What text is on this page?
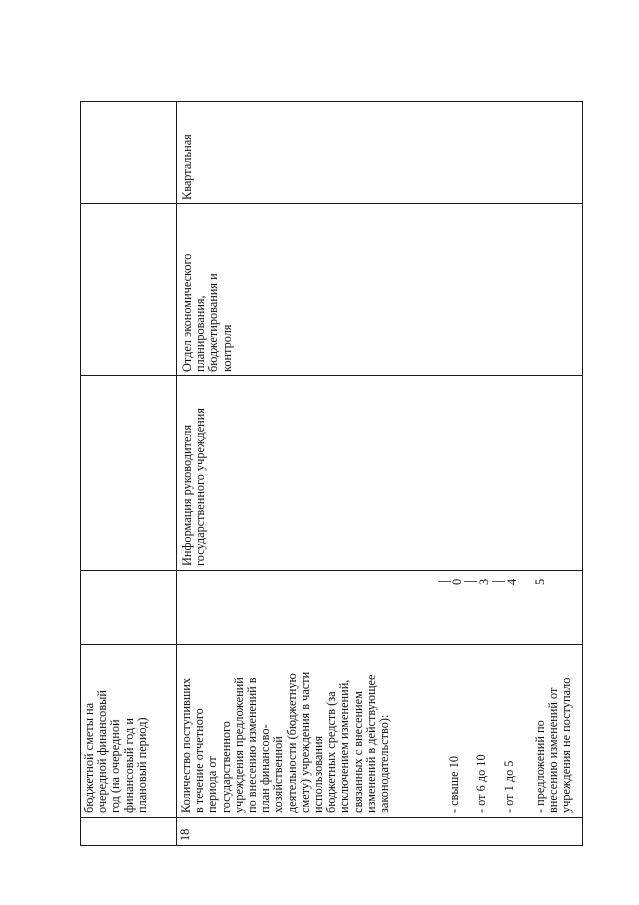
бюджетной сметы на очередной финансовый год (на очередной финансовый год и плановый период)
18
Количество поступивших в течение отчетного периода от государственного учреждения предложений по внесению изменений в план финансово- хозяйственной деятельности (бюджетную смету) учреждения в части использования бюджетных средств (за исключением изменений, связанных с внесением изменений в действующее законодательство):	- свыше 10 - от 6 до 10 - от 1 до 5 - предложений по внесению изменений от учреждения не поступало
0 3 4 5
Информация руководителя государственного учреждения
Отдел экономического планирования, бюджетирования и контроля
Квартальная
